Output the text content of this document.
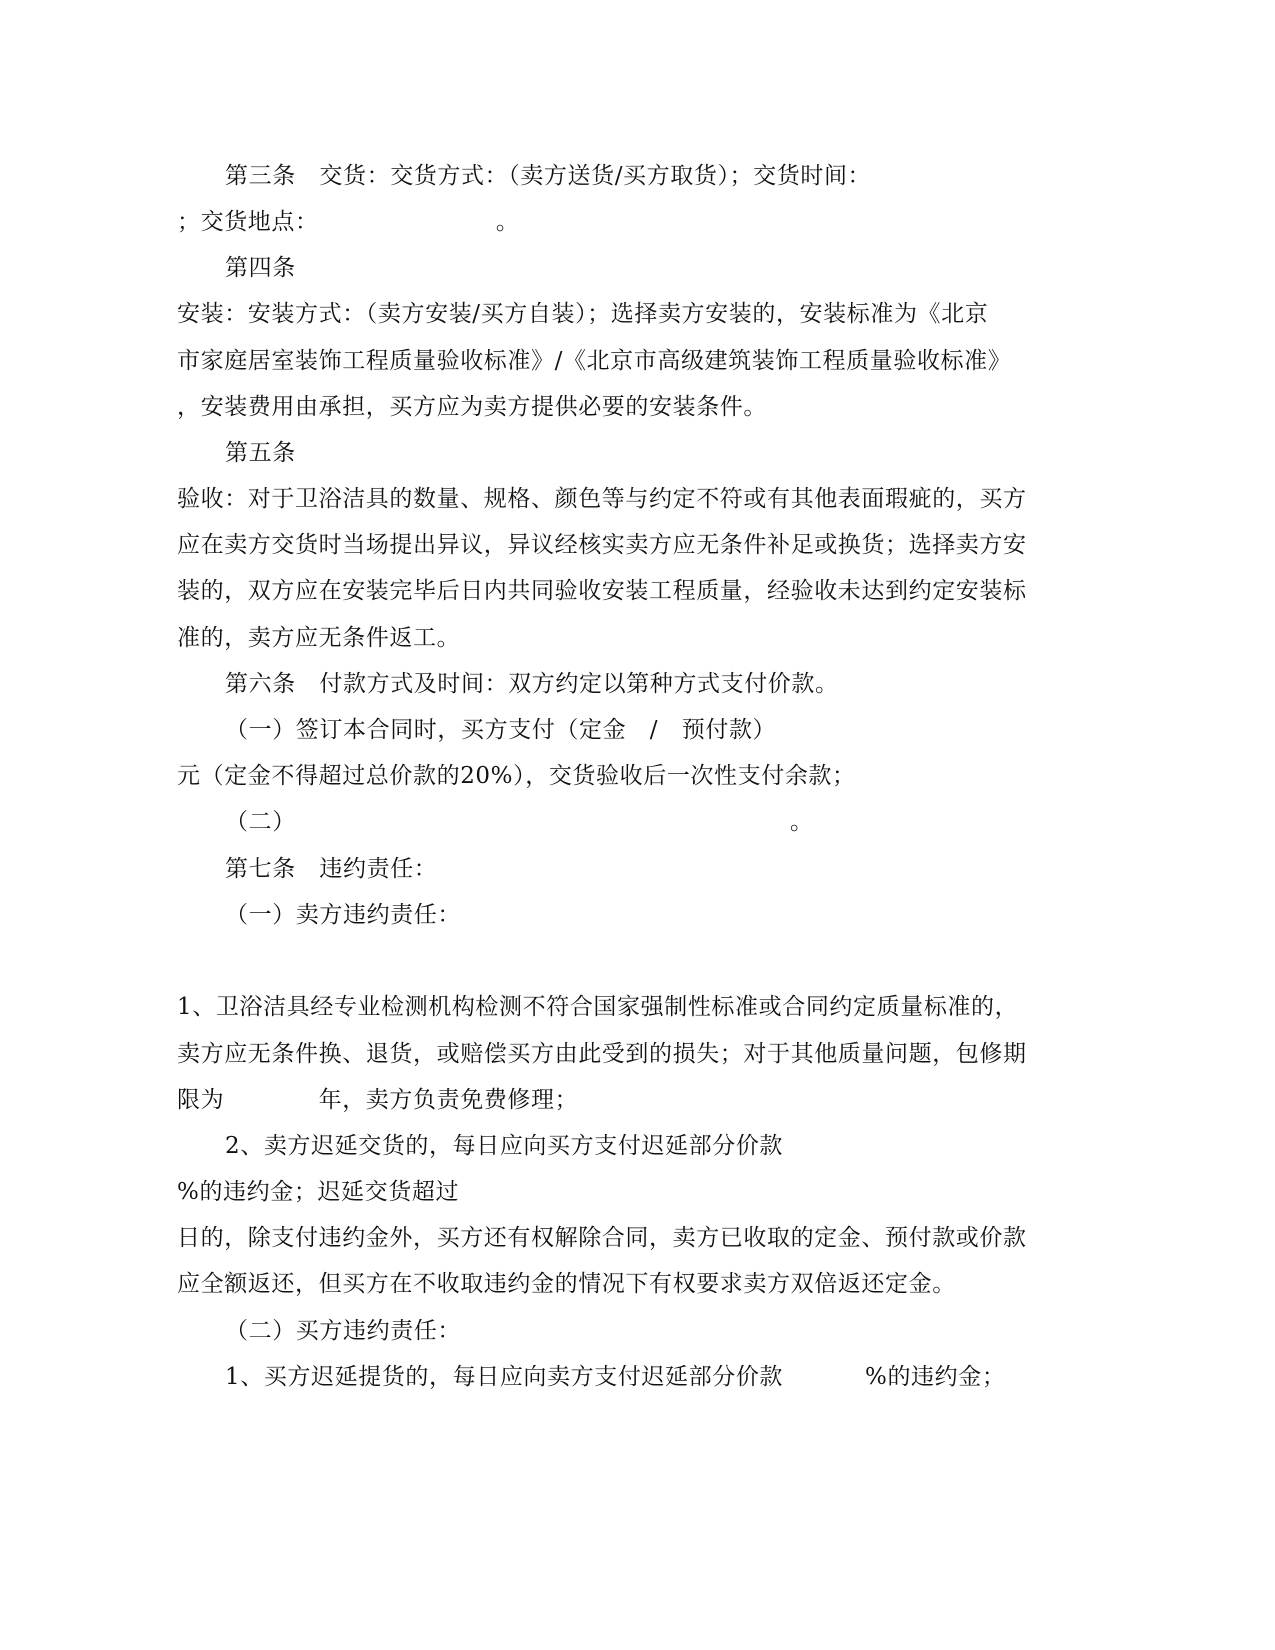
第三条　交货：交货方式：（卖方送货/买方取货）；交货时间：
；交货地点：　　　　　　　　。
第四条
安装：安装方式：（卖方安装/买方自装）；选择卖方安装的，安装标准为《北京
市家庭居室装饰工程质量验收标准》/《北京市高级建筑装饰工程质量验收标准》
，安装费用由承担，买方应为卖方提供必要的安装条件。
第五条
验收：对于卫浴洁具的数量、规格、颜色等与约定不符或有其他表面瑕疵的，买方
应在卖方交货时当场提出异议，异议经核实卖方应无条件补足或换货；选择卖方安
装的，双方应在安装完毕后日内共同验收安装工程质量，经验收未达到约定安装标
准的，卖方应无条件返工。
第六条　付款方式及时间：双方约定以第种方式支付价款。
（一）签订本合同时，买方支付（定金　/　预付款）
元（定金不得超过总价款的20%），交货验收后一次性支付余款；
（二）	。
第七条　违约责任：
（一）卖方违约责任：
1、卫浴洁具经专业检测机构检测不符合国家强制性标准或合同约定质量标准的，
卖方应无条件换、退货，或赔偿买方由此受到的损失；对于其他质量问题，包修期
限为　　　　年，卖方负责免费修理；
2、卖方迟延交货的，每日应向买方支付迟延部分价款
%的违约金；迟延交货超过
日的，除支付违约金外，买方还有权解除合同，卖方已收取的定金、预付款或价款
应全额返还，但买方在不收取违约金的情况下有权要求卖方双倍返还定金。
（二）买方违约责任：
1、买方迟延提货的，每日应向卖方支付迟延部分价款	%的违约金；
